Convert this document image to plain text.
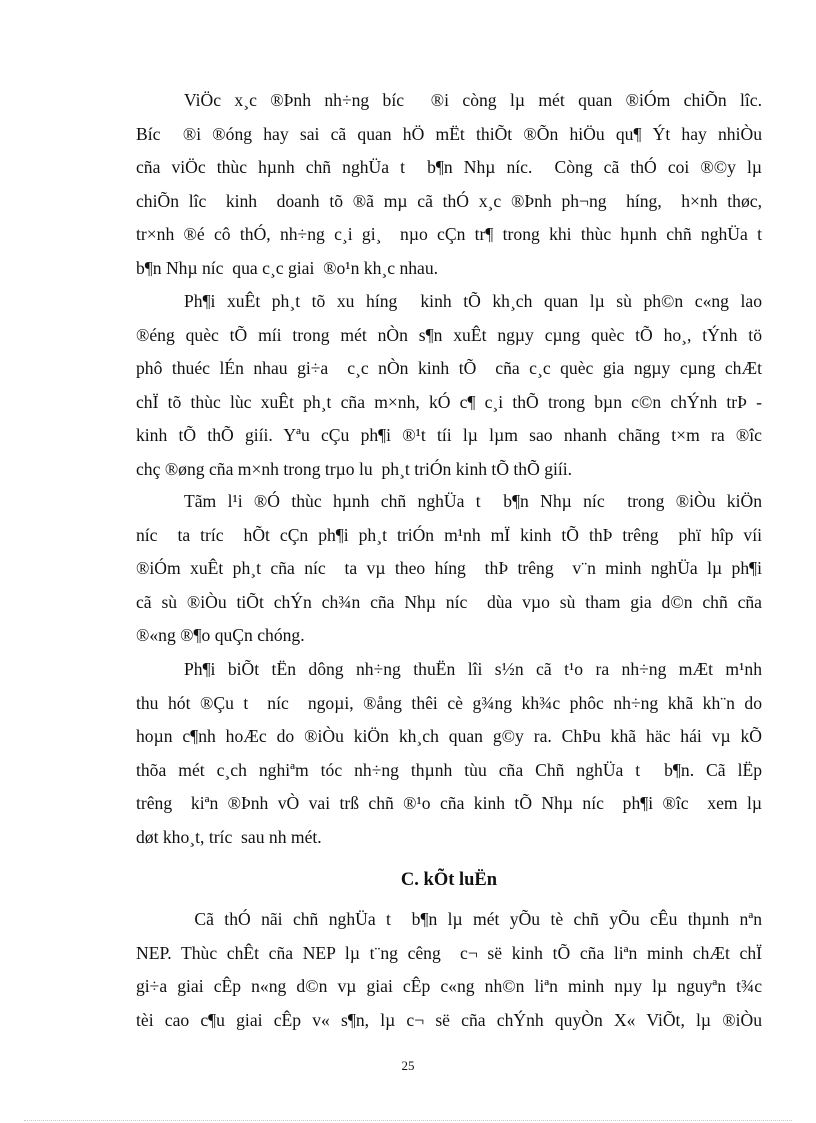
ViÖc x¸c ®Þnh nh÷ng bíc  ®i còng lµ mét quan ®iÓm chiÕn lîc.
Bíc  ®i ®óng hay sai cã quan hÖ mËt thiÕt ®Õn hiÖu qu¶ Ýt hay nhiÒu
cña viÖc thùc hµnh chñ nghÜa t  b¶n Nhµ níc.  Còng cã thÓ coi ®©y lµ
chiÕn lîc  kinh  doanh tõ ®ã mµ cã thÓ x¸c ®Þnh ph¬ng  híng,  h×nh thøc,
tr×nh ®é cô thÓ, nh÷ng c¸i gi¸  nµo cÇn tr¶ trong khi thùc hµnh chñ nghÜa t
b¶n Nhµ níc  qua c¸c giai  ®o¹n kh¸c nhau.
Ph¶i xuÊt ph¸t tõ xu híng  kinh tÕ kh¸ch quan lµ sù ph©n c«ng lao
®éng quèc tÕ míi trong mét nÒn s¶n xuÊt ngµy cµng quèc tÕ ho¸, tÝnh tö
phô thuéc lÉn nhau gi÷a  c¸c nÒn kinh tÕ  cña c¸c quèc gia ngµy cµng chÆt
chÏ tõ thùc lùc xuÊt ph¸t cña m×nh, kÓ c¶ c¸i thÕ trong bµn c©n chÝnh trÞ -
kinh tÕ thÕ giíi. Yªu cÇu ph¶i ®¹t tíi lµ lµm sao nhanh chãng t×m ra ®îc
chç ®øng cña m×nh trong trµo lu  ph¸t triÓn kinh tÕ thÕ giíi.
Tãm l¹i ®Ó thùc hµnh chñ nghÜa t  b¶n Nhµ níc  trong ®iÒu kiÖn
níc  ta tríc  hÕt cÇn ph¶i ph¸t triÓn m¹nh mÏ kinh tÕ thÞ trêng  phï hîp víi
®iÓm xuÊt ph¸t cña níc  ta vµ theo híng  thÞ trêng  v¨n minh nghÜa lµ ph¶i
cã sù ®iÒu tiÕt chÝn ch¾n cña Nhµ níc  dùa vµo sù tham gia d©n chñ cña
®«ng ®¶o quÇn chóng.
Ph¶i biÕt tËn dông nh÷ng thuËn lîi s½n cã t¹o ra nh÷ng mÆt m¹nh
thu hót ®Çu t  níc  ngoµi, ®ång thêi cè g¾ng kh¾c phôc nh÷ng khã kh¨n do
hoµn c¶nh hoÆc do ®iÒu kiÖn kh¸ch quan g©y ra. ChÞu khã häc hái vµ kÕ
thõa mét c¸ch nghiªm tóc nh÷ng thµnh tùu cña Chñ nghÜa t  b¶n. Cã lËp
trêng  kiªn ®Þnh vÒ vai trß chñ ®¹o cña kinh tÕ Nhµ níc  ph¶i ®îc  xem lµ
døt kho¸t, tríc  sau nh mét.
C. kÕt luËn
Cã thÓ nãi chñ nghÜa t  b¶n lµ mét yÕu tè chñ yÕu cÊu thµnh nªn
NEP. Thùc chÊt cña NEP lµ t¨ng cêng  c¬ së kinh tÕ cña liªn minh chÆt chÏ
gi÷a giai cÊp n«ng d©n vµ giai cÊp c«ng nh©n liªn minh nµy lµ nguyªn t¾c
tèi cao c¶u giai cÊp v« s¶n, lµ c¬ së cña chÝnh quyÒn X« ViÕt, lµ ®iÒu
25
